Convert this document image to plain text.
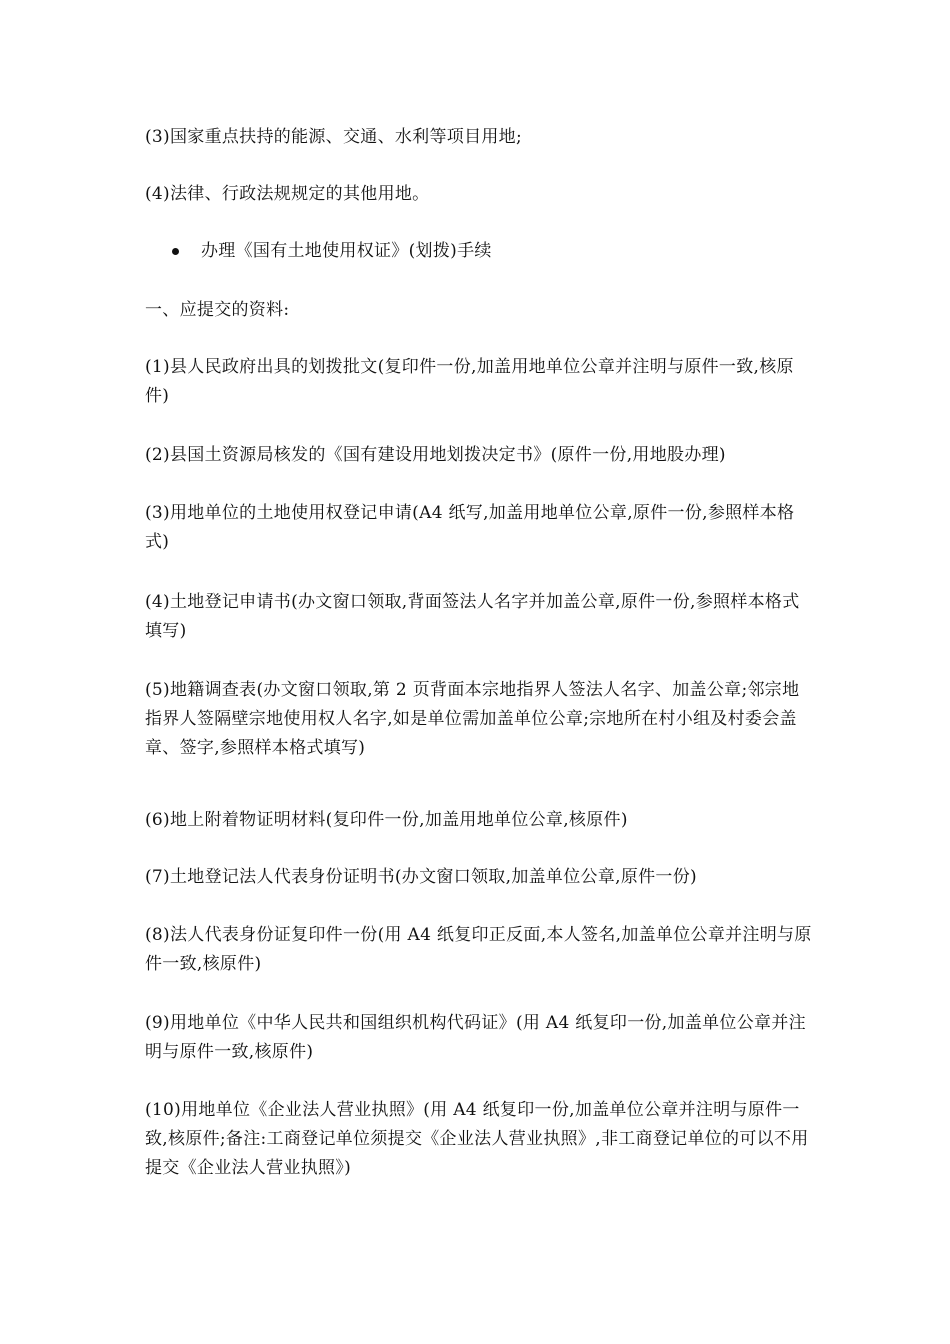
(3)国家重点扶持的能源、交通、水利等项目用地;

(4)法律、行政法规规定的其他用地。

办理《国有土地使用权证》(划拨)手续

一、应提交的资料:

(1)县人民政府出具的划拨批文(复印件一份,加盖用地单位公章并注明与原件一致,核原件)

(2)县国土资源局核发的《国有建设用地划拨决定书》(原件一份,用地股办理)

(3)用地单位的土地使用权登记申请(A4 纸写,加盖用地单位公章,原件一份,参照样本格式)

(4)土地登记申请书(办文窗口领取,背面签法人名字并加盖公章,原件一份,参照样本格式填写)

(5)地籍调查表(办文窗口领取,第 2 页背面本宗地指界人签法人名字、加盖公章;邻宗地指界人签隔壁宗地使用权人名字,如是单位需加盖单位公章;宗地所在村小组及村委会盖章、签字,参照样本格式填写)

(6)地上附着物证明材料(复印件一份,加盖用地单位公章,核原件)

(7)土地登记法人代表身份证明书(办文窗口领取,加盖单位公章,原件一份)

(8)法人代表身份证复印件一份(用 A4 纸复印正反面,本人签名,加盖单位公章并注明与原件一致,核原件)

(9)用地单位《中华人民共和国组织机构代码证》(用 A4 纸复印一份,加盖单位公章并注明与原件一致,核原件)

(10)用地单位《企业法人营业执照》(用 A4 纸复印一份,加盖单位公章并注明与原件一致,核原件;备注:工商登记单位须提交《企业法人营业执照》,非工商登记单位的可以不用提交《企业法人营业执照》)
